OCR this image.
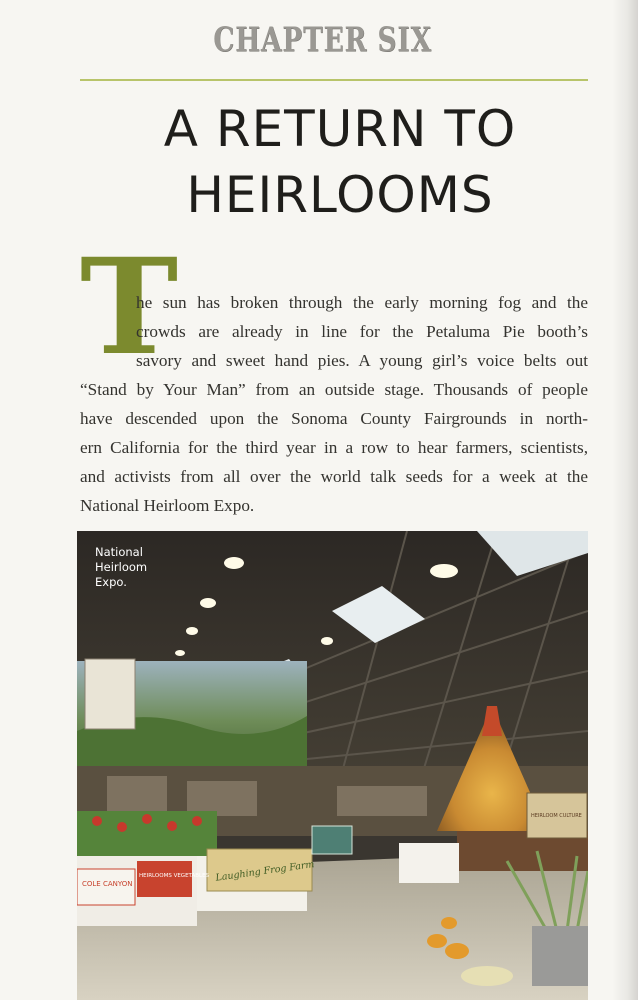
CHAPTER SIX
A RETURN TO
HEIRLOOMS
T
he sun has broken through the early morning fog and the
crowds are already in line for the Petaluma Pie booth’s
savory and sweet hand pies. A young girl’s voice belts out
“Stand by Your Man” from an outside stage. Thousands of people
have descended upon the Sonoma County Fairgrounds in north-
ern California for the third year in a row to hear farmers, scientists,
and activists from all over the world talk seeds for a week at the
National Heirloom Expo.
COLE CANYON
HEIRLOOMS VEGETABLES Laughing Frog Farm
HEIRLOOM CULTURE
National
Heirloom
Expo.
